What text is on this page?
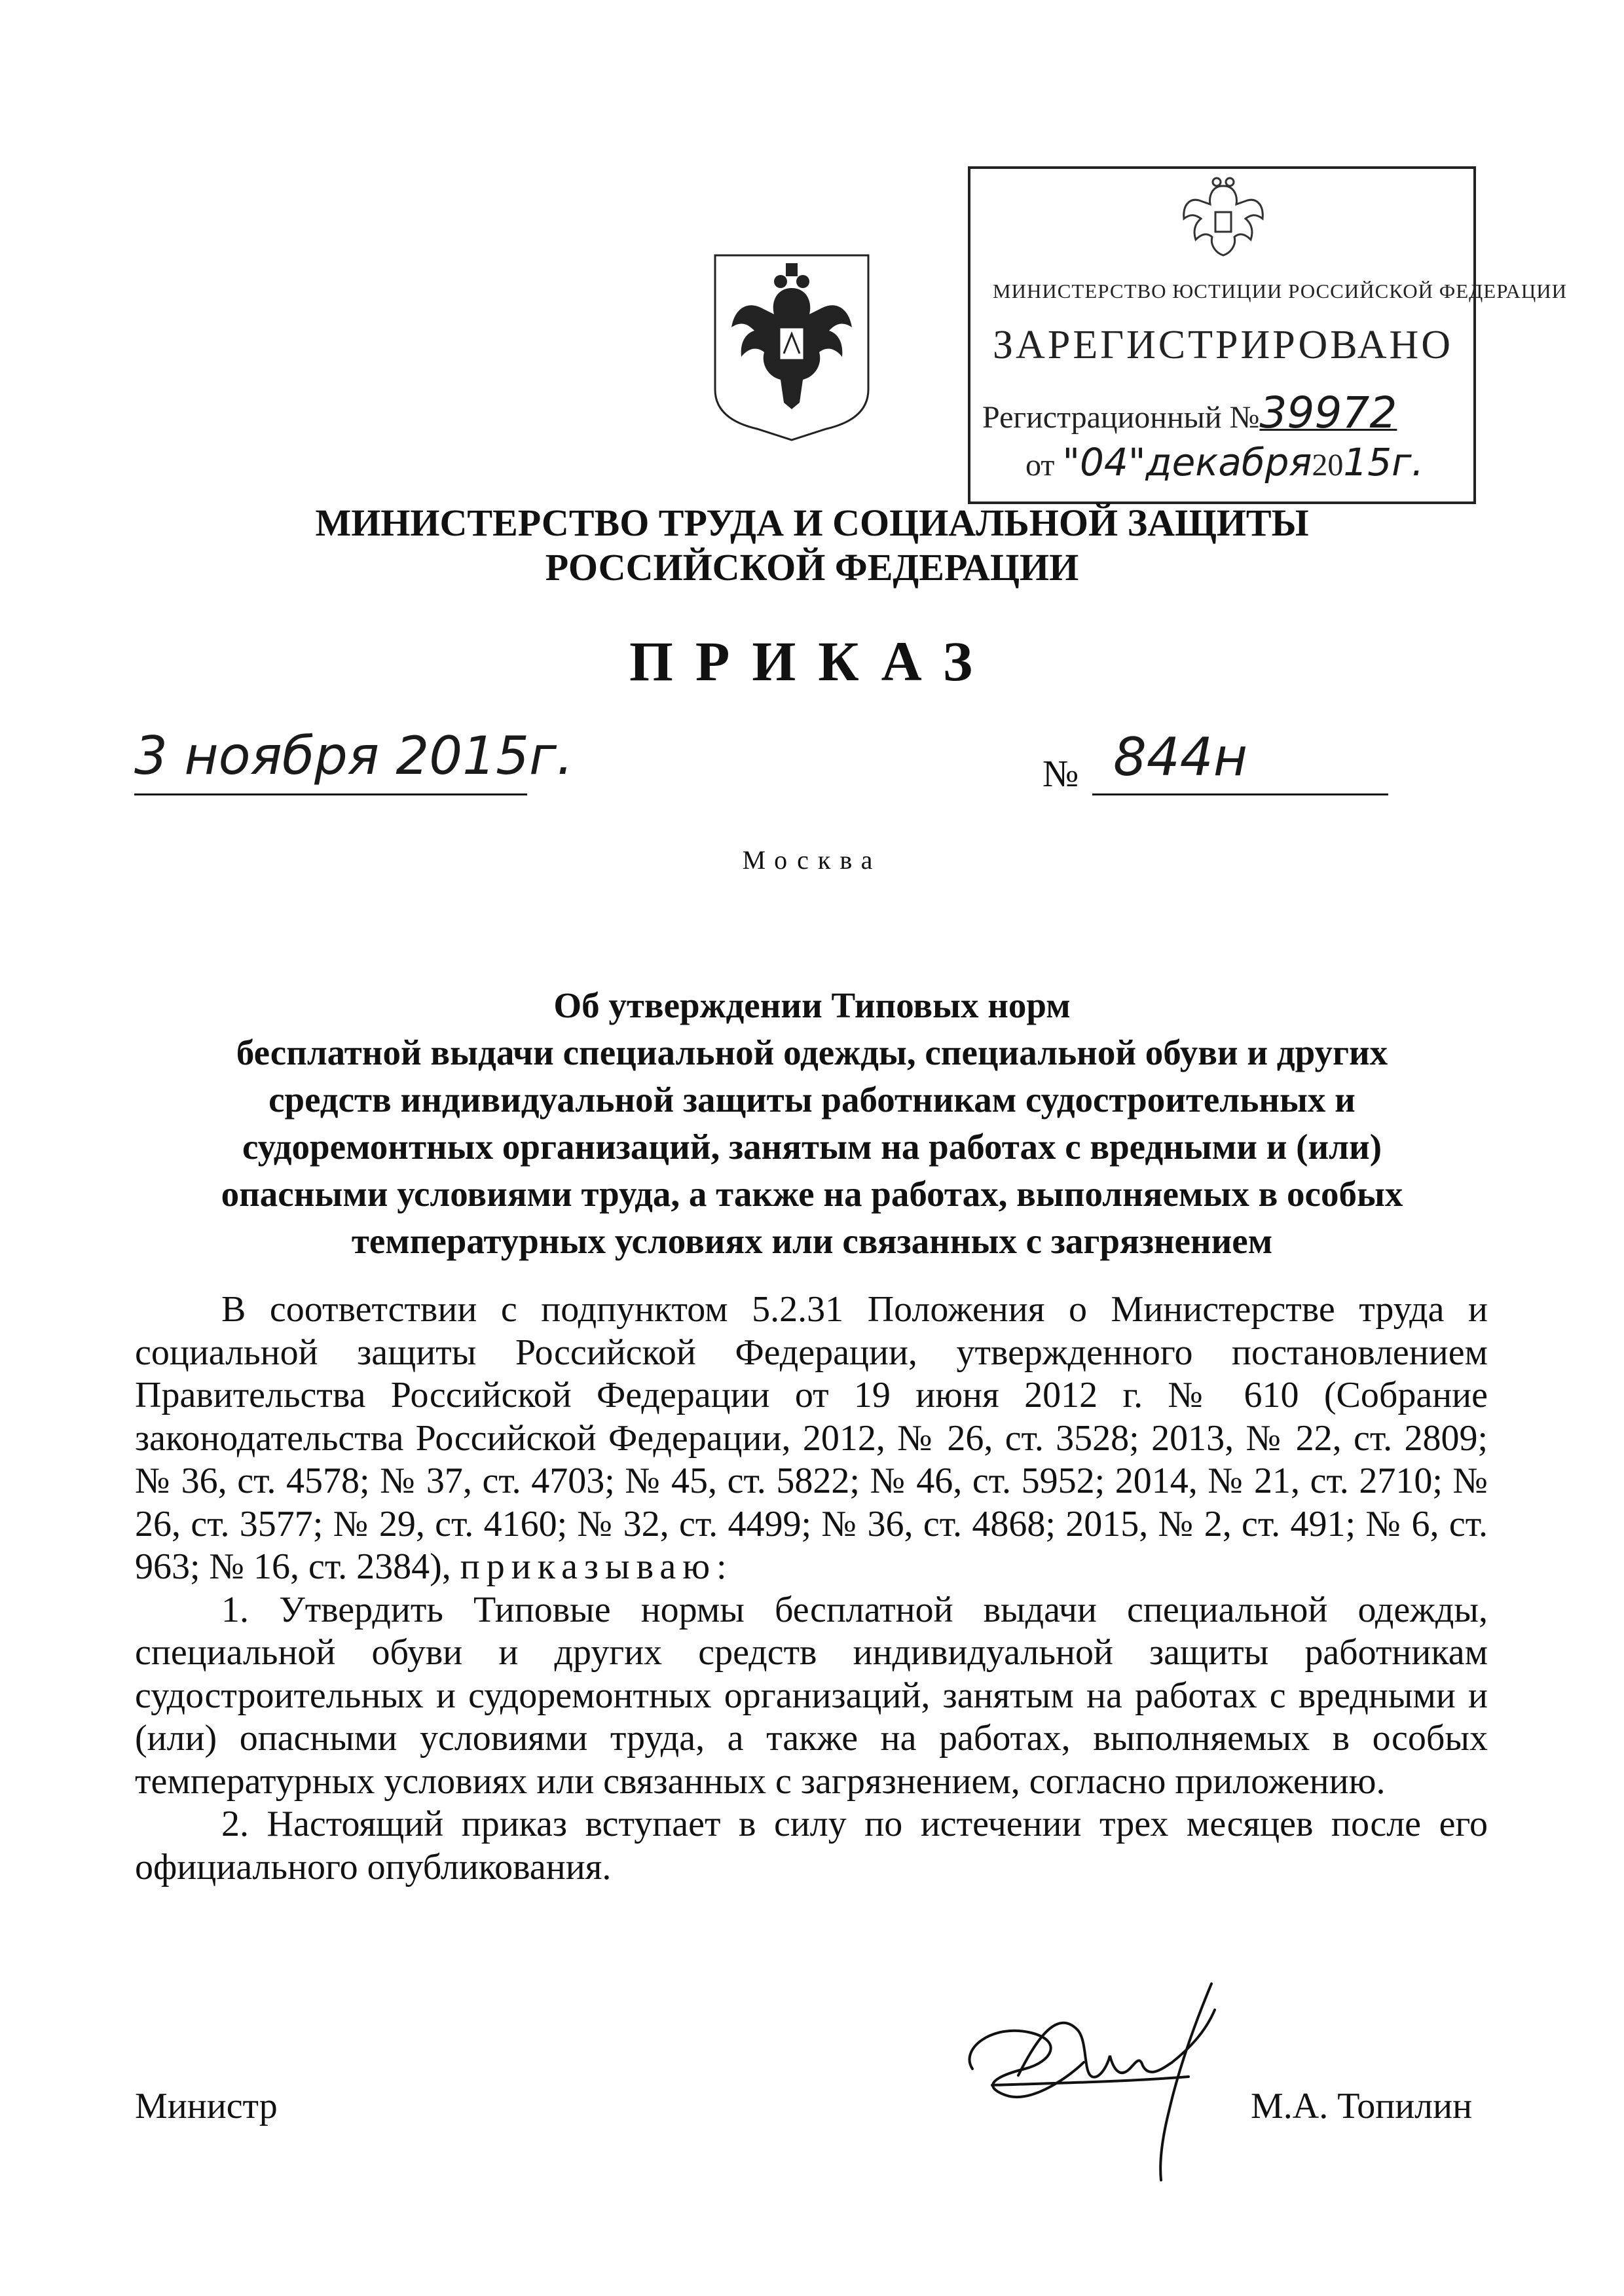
МИНИСТЕРСТВО ЮСТИЦИИ РОССИЙСКОЙ ФЕДЕРАЦИИ
ЗАРЕГИСТРИРОВАНО
Регистрационный №39972
от "04"декабря2015г.
МИНИСТЕРСТВО ТРУДА И СОЦИАЛЬНОЙ ЗАЩИТЫ
РОССИЙСКОЙ ФЕДЕРАЦИИ
ПРИКАЗ
3 ноября 2015г.	№ 844н
Москва
Об утверждении Типовых норм
бесплатной выдачи специальной одежды, специальной обуви и других
средств индивидуальной защиты работникам судостроительных и
судоремонтных организаций, занятым на работах с вредными и (или)
опасными условиями труда, а также на работах, выполняемых в особых
температурных условиях или связанных с загрязнением

В соответствии с подпунктом 5.2.31 Положения о Министерстве труда и социальной защиты Российской Федерации, утвержденного постановлением Правительства Российской Федерации от 19 июня 2012 г. № 610 (Собрание законодательства Российской Федерации, 2012, № 26, ст. 3528; 2013, № 22, ст. 2809; № 36, ст. 4578; № 37, ст. 4703; № 45, ст. 5822; № 46, ст. 5952; 2014, № 21, ст. 2710; № 26, ст. 3577; № 29, ст. 4160; № 32, ст. 4499; № 36, ст. 4868; 2015, № 2, ст. 491; № 6, ст. 963; № 16, ст. 2384), приказываю:

1. Утвердить Типовые нормы бесплатной выдачи специальной одежды, специальной обуви и других средств индивидуальной защиты работникам судостроительных и судоремонтных организаций, занятым на работах с вредными и (или) опасными условиями труда, а также на работах, выполняемых в особых температурных условиях или связанных с загрязнением, согласно приложению.

2. Настоящий приказ вступает в силу по истечении трех месяцев после его официального опубликования.

Министр	М.А. Топилин
